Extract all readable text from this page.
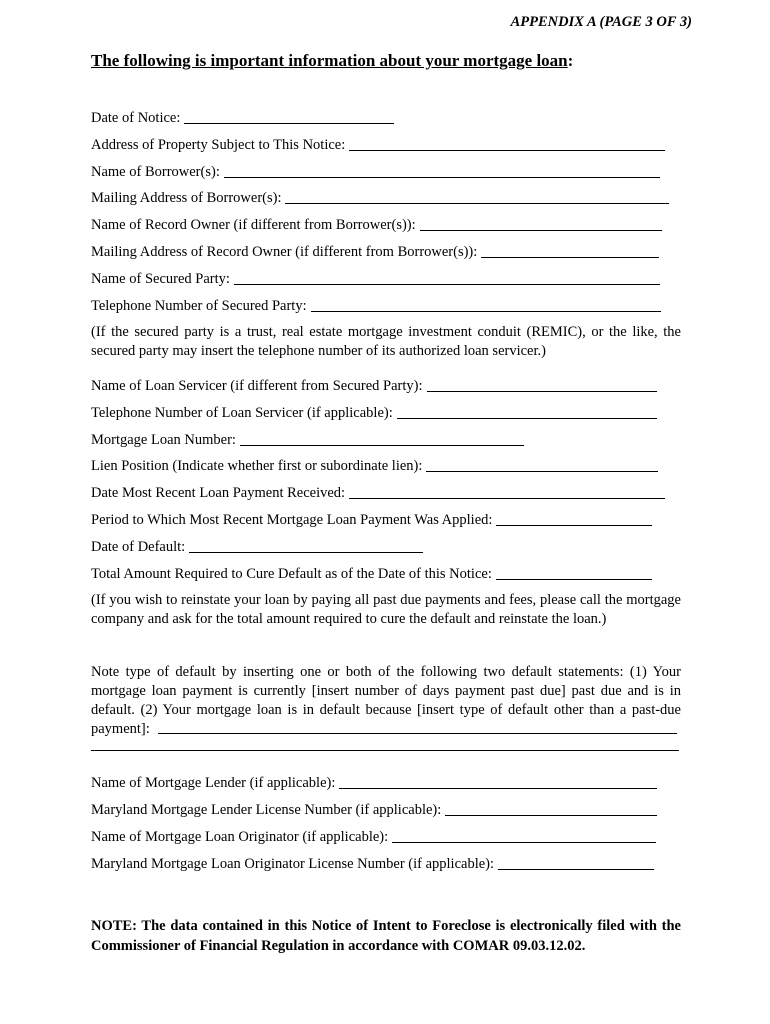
APPENDIX A (PAGE 3 OF 3)
The following is important information about your mortgage loan:
Date of Notice:
Address of Property Subject to This Notice:
Name of Borrower(s):
Mailing Address of Borrower(s):
Name of Record Owner (if different from Borrower(s)):
Mailing Address of Record Owner (if different from Borrower(s)):
Name of Secured Party:
Telephone Number of Secured Party:
(If the secured party is a trust, real estate mortgage investment conduit (REMIC), or the like, the secured party may insert the telephone number of its authorized loan servicer.)
Name of Loan Servicer (if different from Secured Party):
Telephone Number of Loan Servicer (if applicable):
Mortgage Loan Number:
Lien Position (Indicate whether first or subordinate lien):
Date Most Recent Loan Payment Received:
Period to Which Most Recent Mortgage Loan Payment Was Applied:
Date of Default:
Total Amount Required to Cure Default as of the Date of this Notice:
(If you wish to reinstate your loan by paying all past due payments and fees, please call the mortgage company and ask for the total amount required to cure the default and reinstate the loan.)
Note type of default by inserting one or both of the following two default statements: (1) Your mortgage loan payment is currently [insert number of days payment past due] past due and is in default. (2) Your mortgage loan is in default because [insert type of default other than a past-due payment]:
Name of Mortgage Lender (if applicable):
Maryland Mortgage Lender License Number (if applicable):
Name of Mortgage Loan Originator (if applicable):
Maryland Mortgage Loan Originator License Number (if applicable):
NOTE: The data contained in this Notice of Intent to Foreclose is electronically filed with the Commissioner of Financial Regulation in accordance with COMAR 09.03.12.02.
